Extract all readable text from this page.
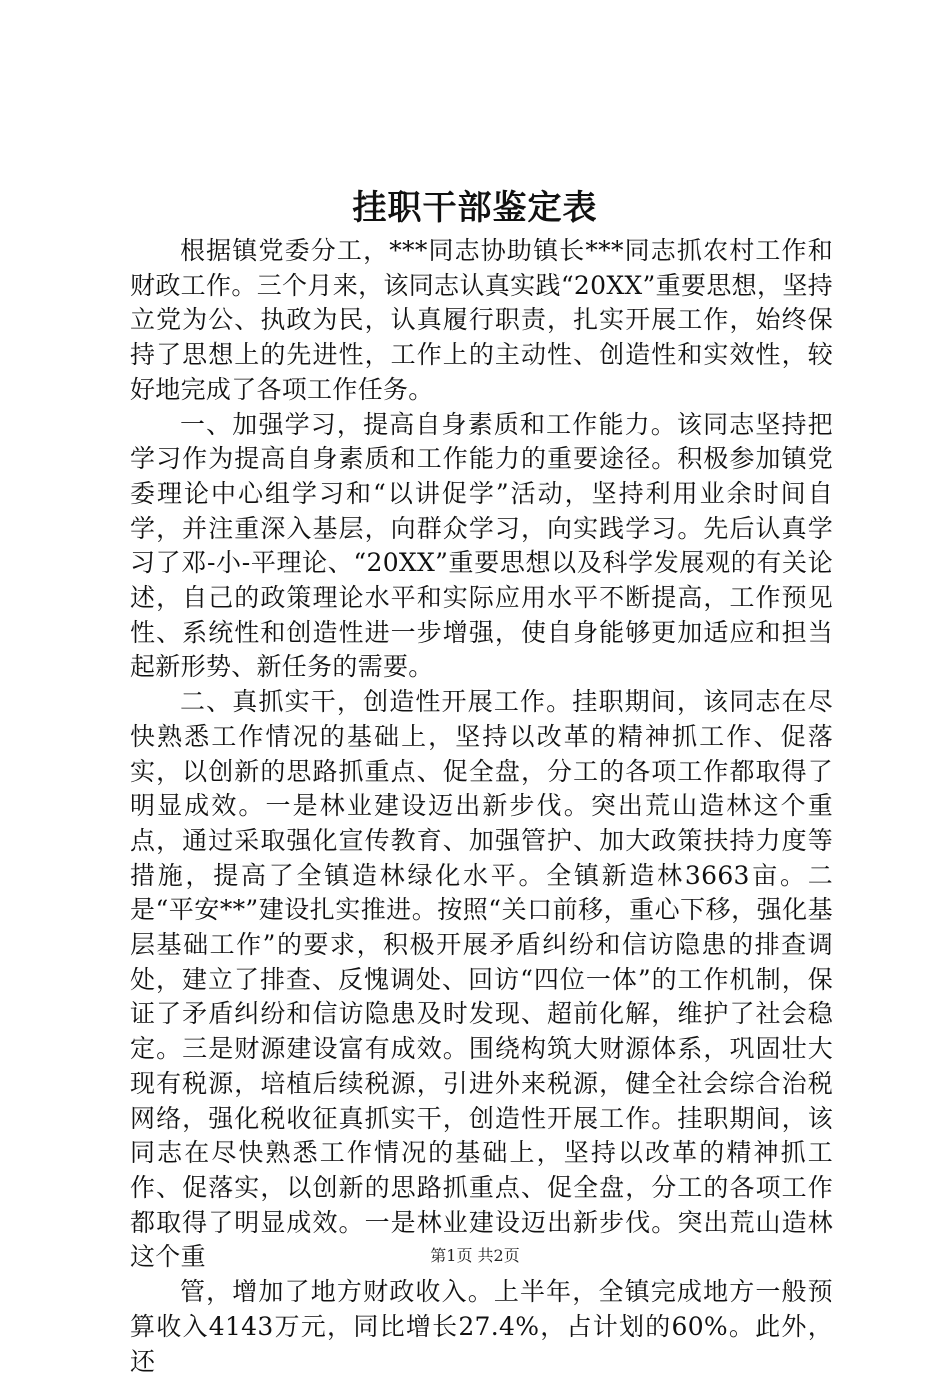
挂职干部鉴定表

根据镇党委分工，***同志协助镇长***同志抓农村工作和财政工作。三个月来，该同志认真实践“20XX”重要思想，坚持立党为公、执政为民，认真履行职责，扎实开展工作，始终保持了思想上的先进性，工作上的主动性、创造性和实效性，较好地完成了各项工作任务。

一、加强学习，提高自身素质和工作能力。该同志坚持把学习作为提高自身素质和工作能力的重要途径。积极参加镇党委理论中心组学习和“以讲促学”活动，坚持利用业余时间自学，并注重深入基层，向群众学习，向实践学习。先后认真学习了邓-小-平理论、“20XX”重要思想以及科学发展观的有关论述，自己的政策理论水平和实际应用水平不断提高，工作预见性、系统性和创造性进一步增强，使自身能够更加适应和担当起新形势、新任务的需要。

二、真抓实干，创造性开展工作。挂职期间，该同志在尽快熟悉工作情况的基础上，坚持以改革的精神抓工作、促落实，以创新的思路抓重点、促全盘，分工的各项工作都取得了明显成效。一是林业建设迈出新步伐。突出荒山造林这个重点，通过采取强化宣传教育、加强管护、加大政策扶持力度等措施，提高了全镇造林绿化水平。全镇新造林3663亩。二是“平安**”建设扎实推进。按照“关口前移，重心下移，强化基层基础工作”的要求，积极开展矛盾纠纷和信访隐患的排查调处，建立了排查、反愧调处、回访“四位一体”的工作机制，保证了矛盾纠纷和信访隐患及时发现、超前化解，维护了社会稳定。三是财源建设富有成效。围绕构筑大财源体系，巩固壮大现有税源，培植后续税源，引进外来税源，健全社会综合治税网络，强化税收征真抓实干，创造性开展工作。挂职期间，该同志在尽快熟悉工作情况的基础上，坚持以改革的精神抓工作、促落实，以创新的思路抓重点、促全盘，分工的各项工作都取得了明显成效。一是林业建设迈出新步伐。突出荒山造林这个重

管，增加了地方财政收入。上半年，全镇完成地方一般预算收入4143万元，同比增长27.4%，占计划的60%。此外，还

第1页 共2页
